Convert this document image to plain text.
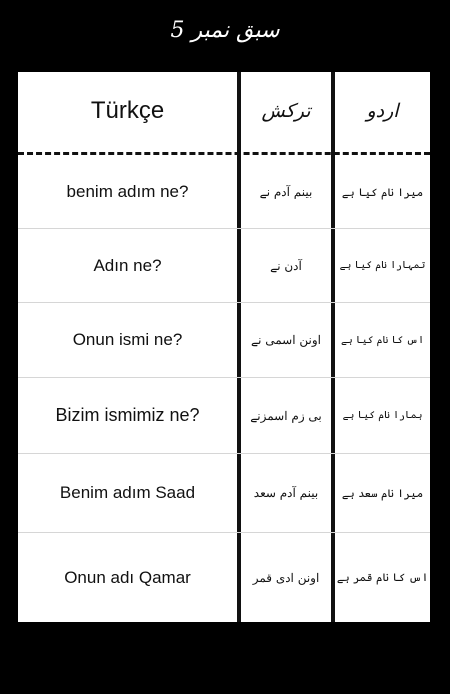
سبق نمبر 5
Türkçe	ترکش	اردو
benim adım ne?	بینم آدم نے	میرا نام کیا ہے
Adın ne?	آدن نے	تمہارا نام کیا ہے
Onun ismi ne?	اونن اسمی نے	اس کا نام کیا ہے
Bizim ismimiz ne?	بی زم اسمزنے	ہمارا نام کیا ہے
Benim adım Saad	بینم آدم سعد	میرا نام سعد ہے
Onun adı Qamar	اونن ادی قمر	اس کا نام قمر ہے
